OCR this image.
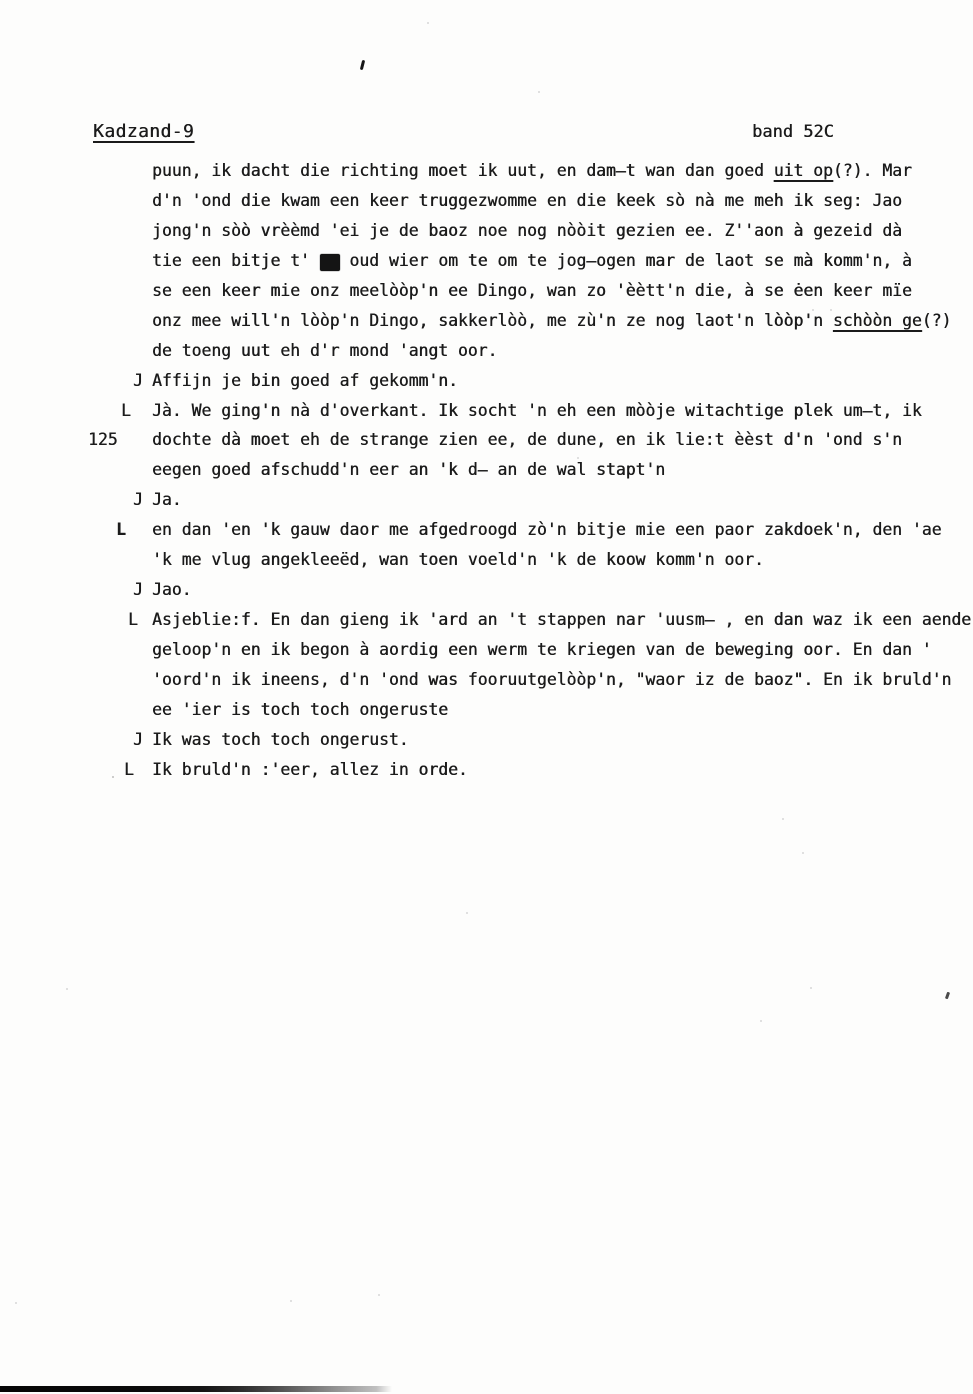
Kadzand-9	band 52C
puun, ik dacht die richting moet ik uut, en dam̶t wan dan goed uit op(?). Mar
d'n 'ond die kwam een keer truggezwomme en die keek sò nà me meh ik seg: Jao
jong'n sòò vrèèmd 'ei je de baoz noe nog nòòit gezien ee. Z''aon à gezeid dà
tie een bitje t'  oud wier om te om te jog̶ogen mar de laot se mà komm'n, à
se een keer mie onz meelòòp'n ee Dingo, wan zo 'èètt'n die, à se ėen keer mïe
onz mee will'n lòòp'n Dingo, sakkerlòò, me zù'n ze nog laot'n lòòp'n schòòn ge(?)
de toeng uut eh d'r mond 'angt oor.
J Affijn je bin goed af gekomm'n.
L Jà. We ging'n nà d'overkant. Ik socht 'n eh een mòòje witachtige plek um̶t, ik
125 dochte dà moet eh de strange zien ee, de dune, en ik lie:t èèst d'n 'ond s'n
eegen goed afschudd'n eer an 'k d̶ an de wal stapt'n
J Ja.
L en dan 'en 'k gauw daor me afgedroogd zò'n bitje mie een paor zakdoek'n, den 'ae
'k me vlug angekleeëd, wan toen voeld'n 'k de koow komm'n oor.
J Jao.
L Asjeblie:f. En dan gieng ik 'ard an 't stappen nar 'uusm̶ , en dan waz ik een aende
geloop'n en ik begon à aordig een werm te kriegen van de beweging oor. En dan '
'oord'n ik ineens, d'n 'ond was fooruutgelòòp'n, "waor iz de baoz". En ik bruld'n
ee 'ier is toch toch ongeruste
J Ik was toch toch ongerust.
L Ik bruld'n :'eer, allez in orde.
